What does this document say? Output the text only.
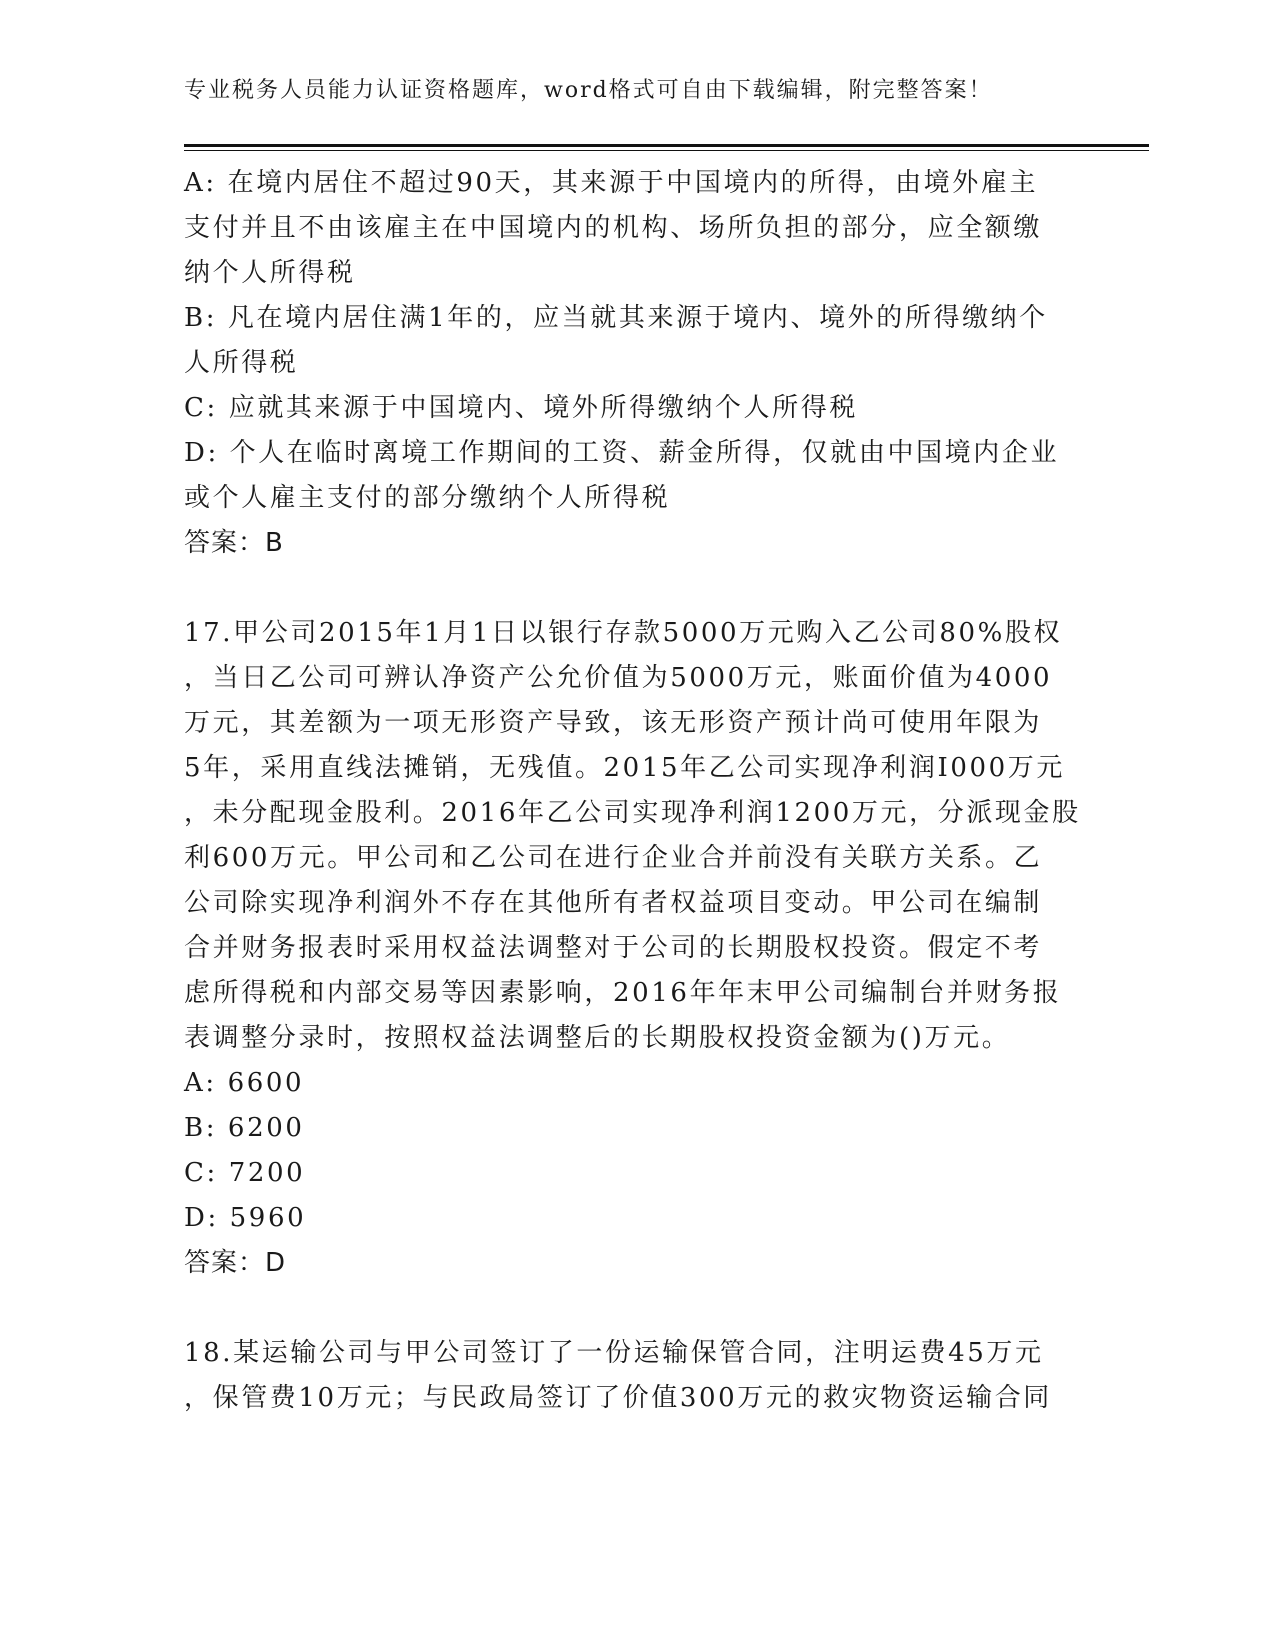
专业税务人员能力认证资格题库，word格式可自由下载编辑，附完整答案！
A: 在境内居住不超过90天，其来源于中国境内的所得，由境外雇主
支付并且不由该雇主在中国境内的机构、场所负担的部分，应全额缴
纳个人所得税
B: 凡在境内居住满1年的，应当就其来源于境内、境外的所得缴纳个
人所得税
C: 应就其来源于中国境内、境外所得缴纳个人所得税
D: 个人在临时离境工作期间的工资、薪金所得，仅就由中国境内企业
或个人雇主支付的部分缴纳个人所得税
答案：B
17.甲公司2015年1月1日以银行存款5000万元购入乙公司80%股权
，当日乙公司可辨认净资产公允价值为5000万元，账面价值为4000
万元，其差额为一项无形资产导致，该无形资产预计尚可使用年限为
5年，采用直线法摊销，无残值。2015年乙公司实现净利润I000万元
，未分配现金股利。2016年乙公司实现净利润1200万元，分派现金股
利600万元。甲公司和乙公司在进行企业合并前没有关联方关系。乙
公司除实现净利润外不存在其他所有者权益项目变动。甲公司在编制
合并财务报表时采用权益法调整对于公司的长期股权投资。假定不考
虑所得税和内部交易等因素影响，2016年年末甲公司编制台并财务报
表调整分录时，按照权益法调整后的长期股权投资金额为()万元。
A: 6600
B: 6200
C: 7200
D: 5960
答案：D
18.某运输公司与甲公司签订了一份运输保管合同，注明运费45万元
，保管费10万元；与民政局签订了价值300万元的救灾物资运输合同
